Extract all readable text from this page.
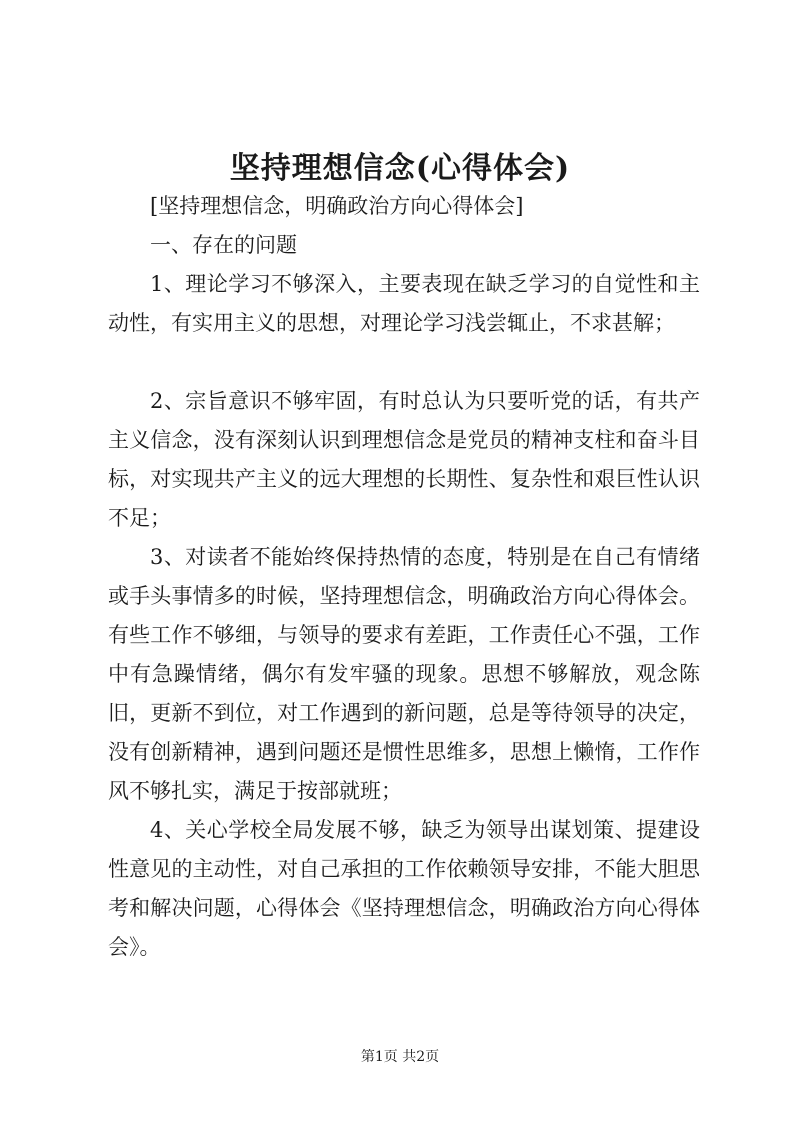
坚持理想信念(心得体会)

[坚持理想信念，明确政治方向心得体会]

一、存在的问题

1、理论学习不够深入，主要表现在缺乏学习的自觉性和主动性，有实用主义的思想，对理论学习浅尝辄止，不求甚解；

2、宗旨意识不够牢固，有时总认为只要听党的话，有共产主义信念，没有深刻认识到理想信念是党员的精神支柱和奋斗目标，对实现共产主义的远大理想的长期性、复杂性和艰巨性认识不足；

3、对读者不能始终保持热情的态度，特别是在自己有情绪或手头事情多的时候，坚持理想信念，明确政治方向心得体会。有些工作不够细，与领导的要求有差距，工作责任心不强，工作中有急躁情绪，偶尔有发牢骚的现象。思想不够解放，观念陈旧，更新不到位，对工作遇到的新问题，总是等待领导的决定，没有创新精神，遇到问题还是惯性思维多，思想上懒惰，工作作风不够扎实，满足于按部就班；

4、关心学校全局发展不够，缺乏为领导出谋划策、提建设性意见的主动性，对自己承担的工作依赖领导安排，不能大胆思考和解决问题，心得体会《坚持理想信念，明确政治方向心得体会》。

第1页 共2页
